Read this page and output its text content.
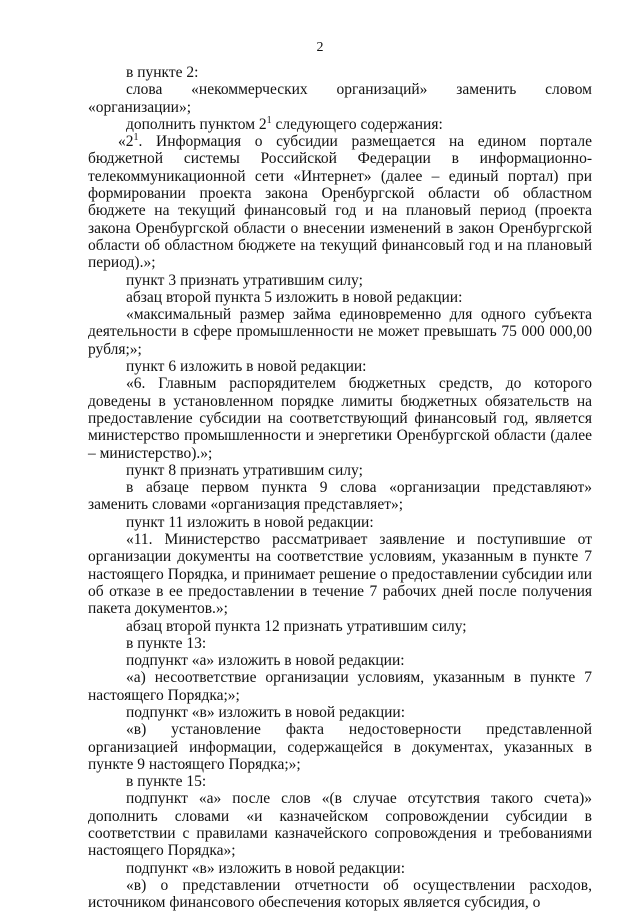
2

в пункте 2:

слова «некоммерческих организаций» заменить словом «организации»;

дополнить пунктом $2^1$ следующего содержания:

«$2^1$. Информация о субсидии размещается на едином портале бюджетной системы Российской Федерации в информационно-телекоммуникационной сети «Интернет» (далее – единый портал) при формировании проекта закона Оренбургской области об областном бюджете на текущий финансовый год и на плановый период (проекта закона Оренбургской области о внесении изменений в закон Оренбургской области об областном бюджете на текущий финансовый год и на плановый период).»;

пункт 3 признать утратившим силу;

абзац второй пункта 5 изложить в новой редакции:

«максимальный размер займа единовременно для одного субъекта деятельности в сфере промышленности не может превышать 75 000 000,00 рубля;»;

пункт 6 изложить в новой редакции:

«6. Главным распорядителем бюджетных средств, до которого доведены в установленном порядке лимиты бюджетных обязательств на предоставление субсидии на соответствующий финансовый год, является министерство промышленности и энергетики Оренбургской области (далее – министерство).»;

пункт 8 признать утратившим силу;

в абзаце первом пункта 9 слова «организации представляют» заменить словами «организация представляет»;

пункт 11 изложить в новой редакции:

«11. Министерство рассматривает заявление и поступившие от организации документы на соответствие условиям, указанным в пункте 7 настоящего Порядка, и принимает решение о предоставлении субсидии или об отказе в ее предоставлении в течение 7 рабочих дней после получения пакета документов.»;

абзац второй пункта 12 признать утратившим силу;

в пункте 13:

подпункт «а» изложить в новой редакции:

«а) несоответствие организации условиям, указанным в пункте 7 настоящего Порядка;»;

подпункт «в» изложить в новой редакции:

«в) установление факта недостоверности представленной организацией информации, содержащейся в документах, указанных в пункте 9 настоящего Порядка;»;

в пункте 15:

подпункт «а» после слов «(в случае отсутствия такого счета)» дополнить словами «и казначейском сопровождении субсидии в соответствии с правилами казначейского сопровождения и требованиями настоящего Порядка»;

подпункт «в» изложить в новой редакции:

«в) о представлении отчетности об осуществлении расходов, источником финансового обеспечения которых является субсидия, о
